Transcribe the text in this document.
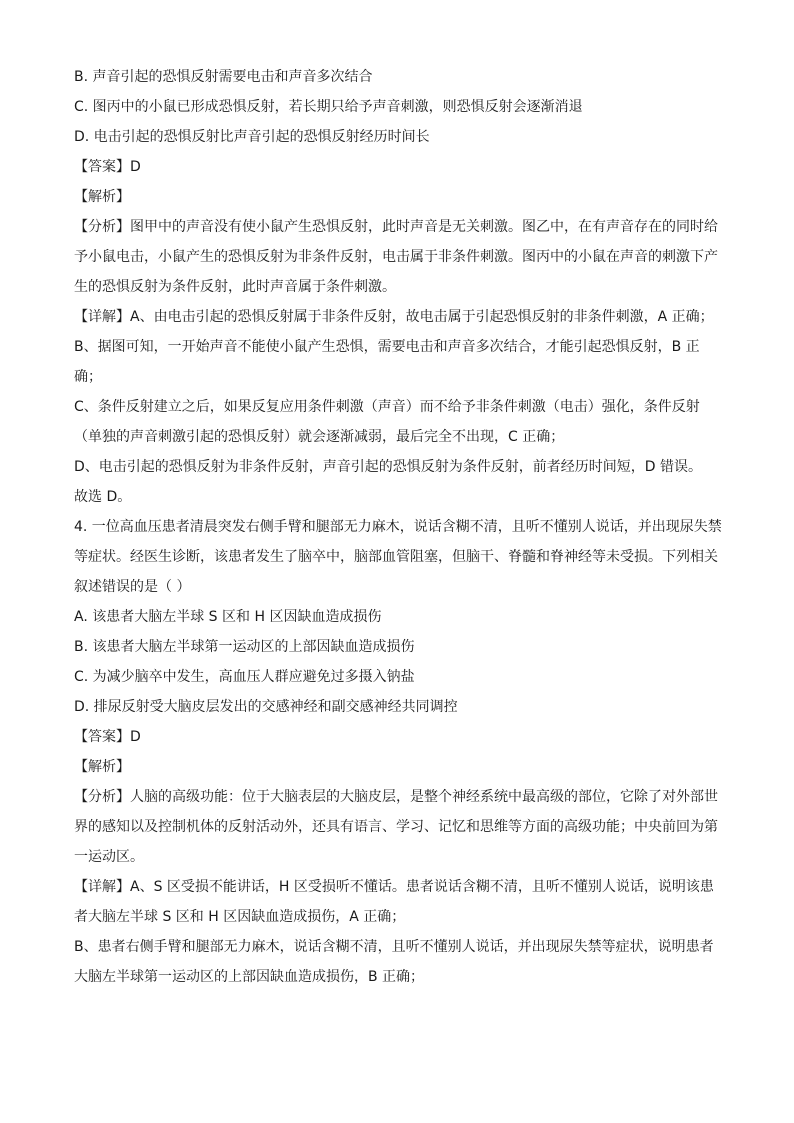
B. 声音引起的恐惧反射需要电击和声音多次结合
C. 图丙中的小鼠已形成恐惧反射，若长期只给予声音刺激，则恐惧反射会逐渐消退
D. 电击引起的恐惧反射比声音引起的恐惧反射经历时间长
【答案】D
【解析】
【分析】图甲中的声音没有使小鼠产生恐惧反射，此时声音是无关刺激。图乙中，在有声音存在的同时给
予小鼠电击，小鼠产生的恐惧反射为非条件反射，电击属于非条件刺激。图丙中的小鼠在声音的刺激下产
生的恐惧反射为条件反射，此时声音属于条件刺激。
【详解】A、由电击引起的恐惧反射属于非条件反射，故电击属于引起恐惧反射的非条件刺激，A 正确；
B、据图可知，一开始声音不能使小鼠产生恐惧，需要电击和声音多次结合，才能引起恐惧反射，B 正
确；
C、条件反射建立之后，如果反复应用条件刺激（声音）而不给予非条件刺激（电击）强化，条件反射
（单独的声音刺激引起的恐惧反射）就会逐渐减弱，最后完全不出现，C 正确；
D、电击引起的恐惧反射为非条件反射，声音引起的恐惧反射为条件反射，前者经历时间短，D 错误。
故选 D。
4. 一位高血压患者清晨突发右侧手臂和腿部无力麻木，说话含糊不清，且听不懂别人说话，并出现尿失禁
等症状。经医生诊断，该患者发生了脑卒中，脑部血管阻塞，但脑干、脊髓和脊神经等未受损。下列相关
叙述错误的是（ ）
A. 该患者大脑左半球 S 区和 H 区因缺血造成损伤
B. 该患者大脑左半球第一运动区的上部因缺血造成损伤
C. 为减少脑卒中发生，高血压人群应避免过多摄入钠盐
D. 排尿反射受大脑皮层发出的交感神经和副交感神经共同调控
【答案】D
【解析】
【分析】人脑的高级功能：位于大脑表层的大脑皮层，是整个神经系统中最高级的部位，它除了对外部世
界的感知以及控制机体的反射活动外，还具有语言、学习、记忆和思维等方面的高级功能；中央前回为第
一运动区。
【详解】A、S 区受损不能讲话，H 区受损听不懂话。患者说话含糊不清，且听不懂别人说话，说明该患
者大脑左半球 S 区和 H 区因缺血造成损伤，A 正确；
B、患者右侧手臂和腿部无力麻木，说话含糊不清，且听不懂别人说话，并出现尿失禁等症状，说明患者
大脑左半球第一运动区的上部因缺血造成损伤，B 正确；
